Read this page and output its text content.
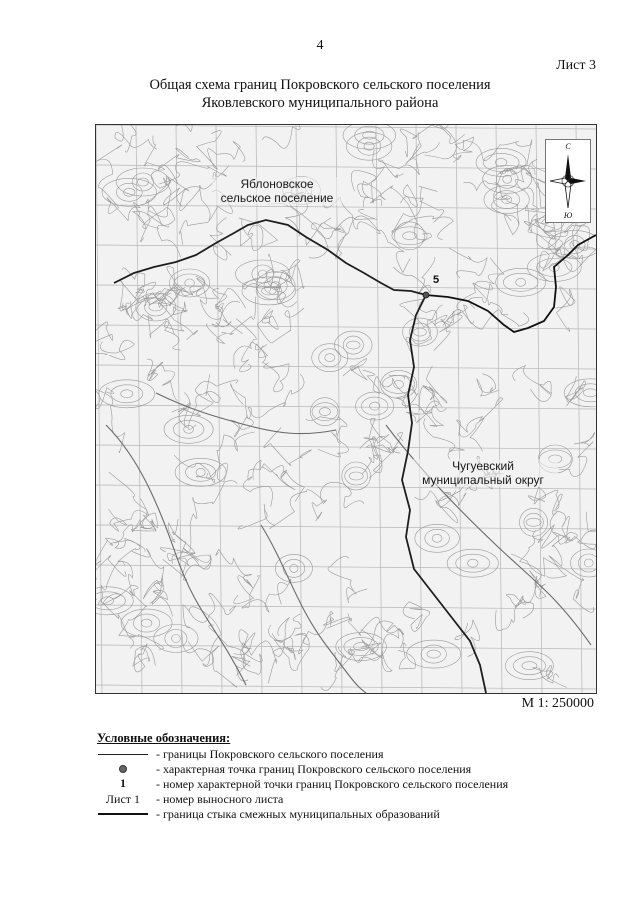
4
Лист 3
Общая схема границ Покровского сельского поселения
Яковлевского муниципального района
Яблоновское
сельское поселение
Чугуевский
муниципальный округ
5
С
Ю
М 1: 250000
Условные обозначения:
- границы Покровского сельского поселения
- характерная точка границ Покровского сельского поселения
1	- номер характерной точки границ Покровского сельского поселения
Лист 1	- номер выносного листа
- граница стыка смежных муниципальных образований
